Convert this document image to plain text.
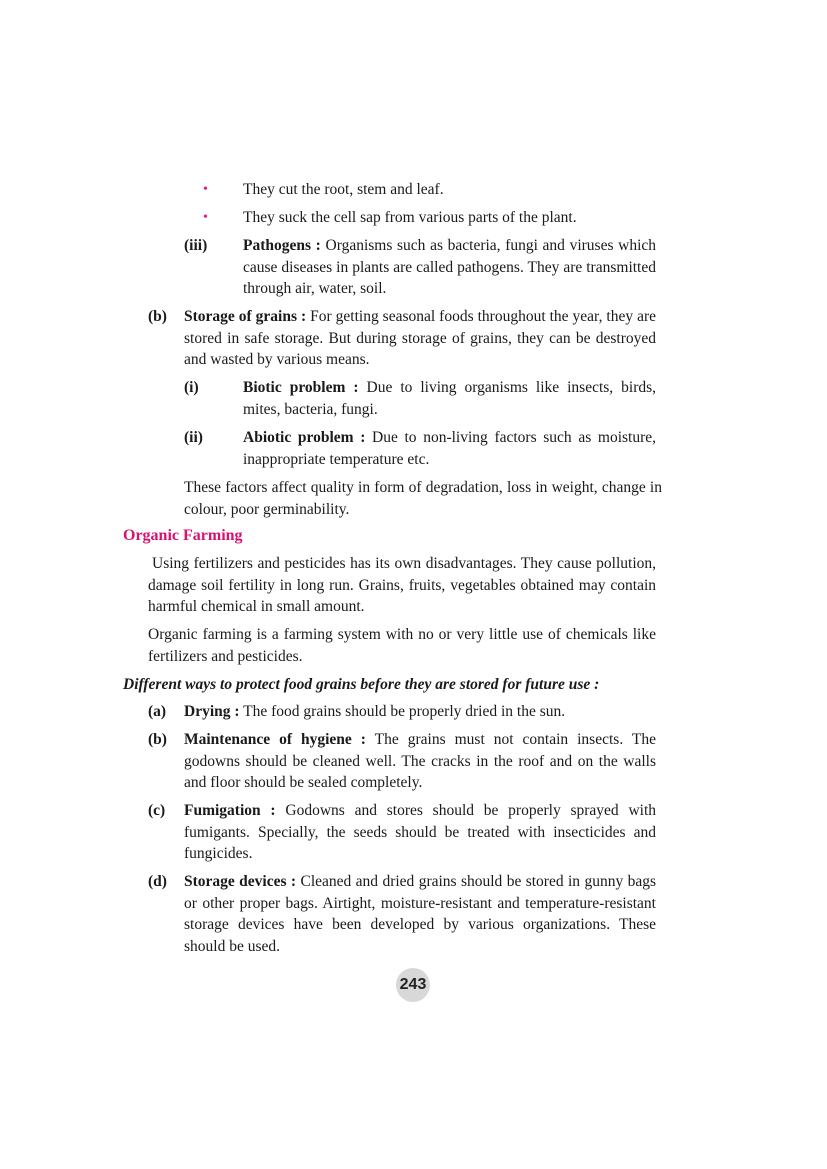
• They cut the root, stem and leaf.
• They suck the cell sap from various parts of the plant.
(iii) Pathogens : Organisms such as bacteria, fungi and viruses which cause diseases in plants are called pathogens. They are transmitted through air, water, soil.
(b) Storage of grains : For getting seasonal foods throughout the year, they are stored in safe storage. But during storage of grains, they can be destroyed and wasted by various means.
(i)	Biotic problem : Due to living organisms like insects, birds, mites, bacteria, fungi.
(ii)	Abiotic problem : Due to non-living factors such as moisture, inappropriate temperature etc.
These factors affect quality in form of degradation, loss in weight, change in colour, poor germinability.
Organic Farming
Using fertilizers and pesticides has its own disadvantages. They cause pollution, damage soil fertility in long run. Grains, fruits, vegetables obtained may contain harmful chemical in small amount.
Organic farming is a farming system with no or very little use of chemicals like fertilizers and pesticides.
Different ways to protect food grains before they are stored for future use :
(a) Drying : The food grains should be properly dried in the sun.
(b) Maintenance of hygiene : The grains must not contain insects. The godowns should be cleaned well. The cracks in the roof and on the walls and floor should be sealed completely.
(c) Fumigation : Godowns and stores should be properly sprayed with fumigants. Specially, the seeds should be treated with insecticides and fungicides.
(d) Storage devices : Cleaned and dried grains should be stored in gunny bags or other proper bags. Airtight, moisture-resistant and temperature-resistant storage devices have been developed by various organizations. These should be used.
243
